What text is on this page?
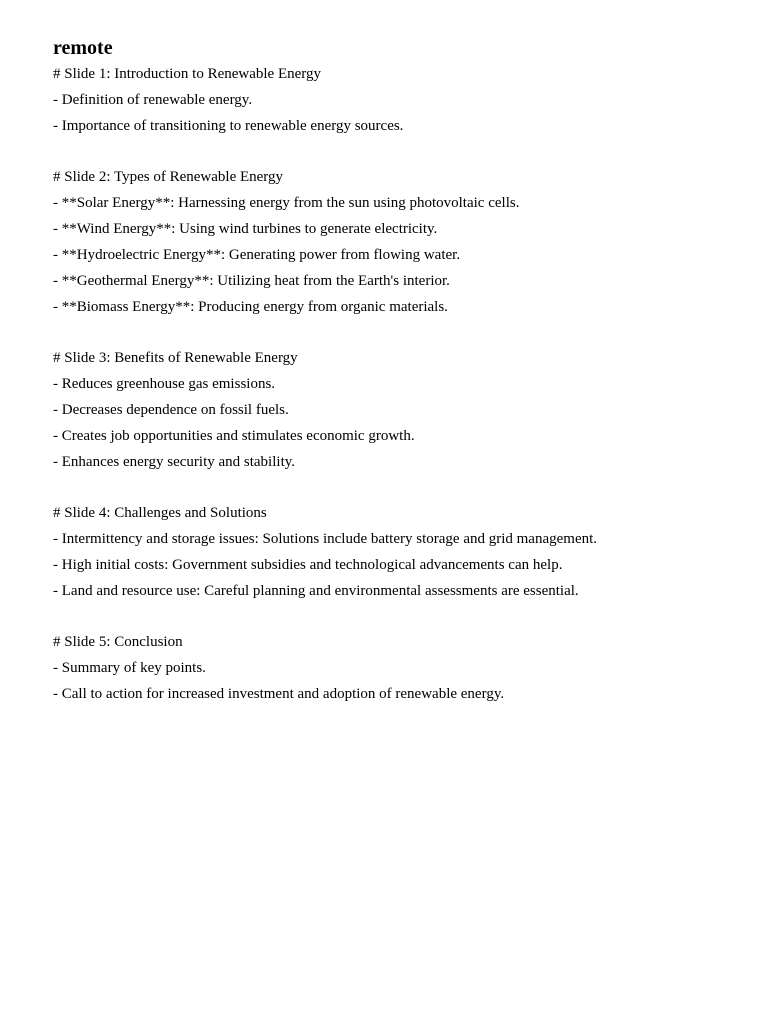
remote
# Slide 1: Introduction to Renewable Energy
- Definition of renewable energy.
- Importance of transitioning to renewable energy sources.
# Slide 2: Types of Renewable Energy
- **Solar Energy**: Harnessing energy from the sun using photovoltaic cells.
- **Wind Energy**: Using wind turbines to generate electricity.
- **Hydroelectric Energy**: Generating power from flowing water.
- **Geothermal Energy**: Utilizing heat from the Earth's interior.
- **Biomass Energy**: Producing energy from organic materials.
# Slide 3: Benefits of Renewable Energy
- Reduces greenhouse gas emissions.
- Decreases dependence on fossil fuels.
- Creates job opportunities and stimulates economic growth.
- Enhances energy security and stability.
# Slide 4: Challenges and Solutions
- Intermittency and storage issues: Solutions include battery storage and grid management.
- High initial costs: Government subsidies and technological advancements can help.
- Land and resource use: Careful planning and environmental assessments are essential.
# Slide 5: Conclusion
- Summary of key points.
- Call to action for increased investment and adoption of renewable energy.
